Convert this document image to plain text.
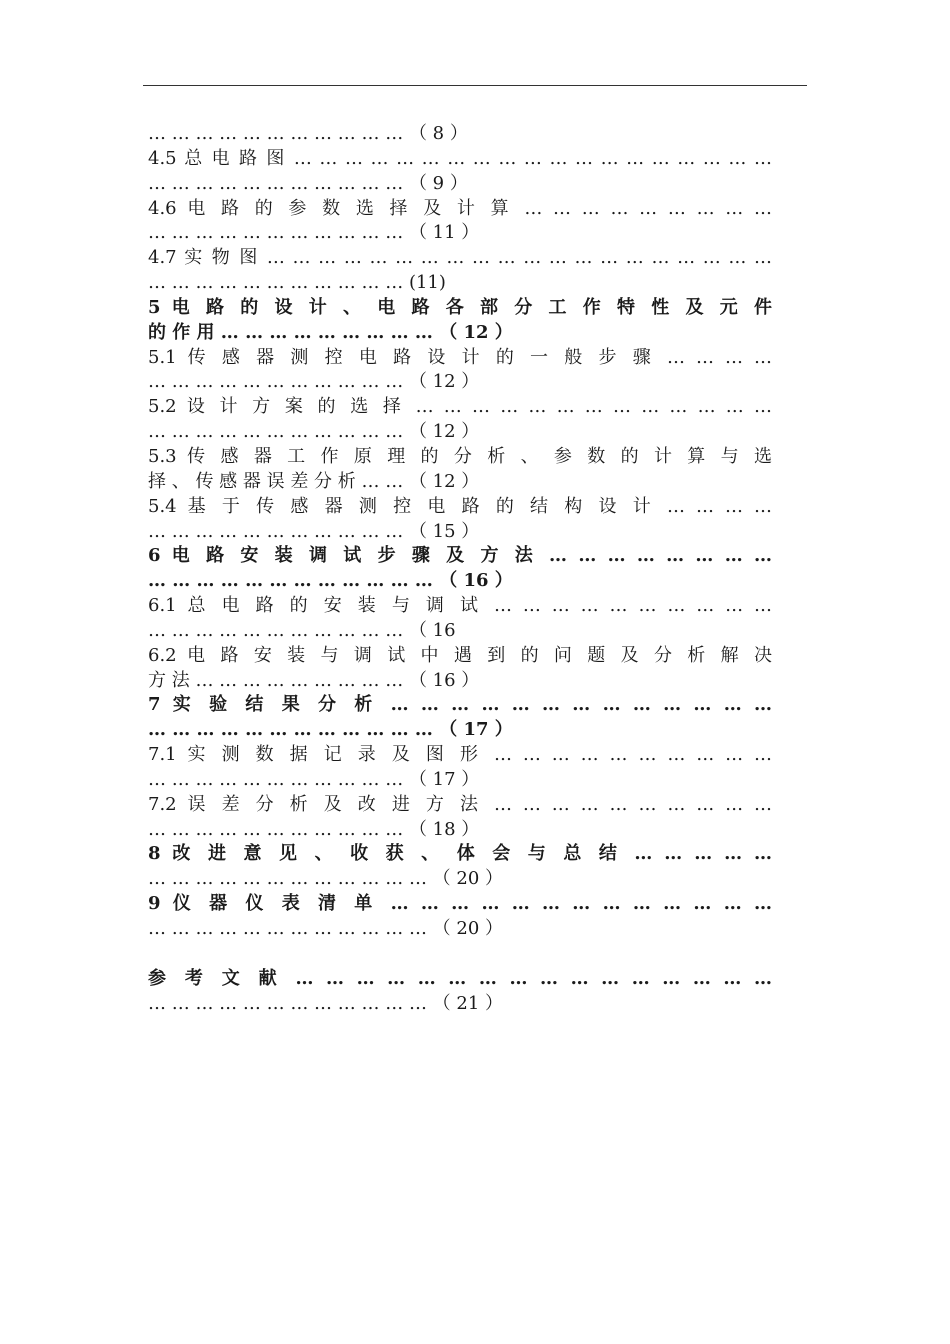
… … … … … … … … … … … （ 8 ）
4.5 总 电 路 图 … … … … … … … … … … … … … … … … … … …
… … … … … … … … … … … （ 9 ）
4.6 电 路 的 参 数 选 择 及 计 算 … … … … … … … … …
… … … … … … … … … … … （ 11 ）
4.7 实 物 图 … … … … … … … … … … … … … … … … … … … …
… … … … … … … … … … … (11)
5 电 路 的 设 计 、 电 路 各 部 分 工 作 特 性 及 元 件
的 作 用 … … … … … … … … … （ 12 ）
5.1 传 感 器 测 控 电 路 设 计 的 一 般 步 骤 … … … …
… … … … … … … … … … … （ 12 ）
5.2 设 计 方 案 的 选 择 … … … … … … … … … … … … …
… … … … … … … … … … … （ 12 ）
5.3 传 感 器 工 作 原 理 的 分 析 、 参 数 的 计 算 与 选
择 、 传 感 器 误 差 分 析 … … （ 12 ）
5.4 基 于 传 感 器 测 控 电 路 的 结 构 设 计 … … … …
… … … … … … … … … … … （ 15 ）
6 电 路 安 装 调 试 步 骤 及 方 法 … … … … … … … …
… … … … … … … … … … … … （ 16 ）
6.1 总 电 路 的 安 装 与 调 试 … … … … … … … … … …
… … … … … … … … … … … （ 16
6.2 电 路 安 装 与 调 试 中 遇 到 的 问 题 及 分 析 解 决
方 法 … … … … … … … … … （ 16 ）
7 实 验 结 果 分 析 … … … … … … … … … … … … …
… … … … … … … … … … … … （ 17 ）
7.1 实 测 数 据 记 录 及 图 形 … … … … … … … … … …
… … … … … … … … … … … （ 17 ）
7.2 误 差 分 析 及 改 进 方 法 … … … … … … … … … …
… … … … … … … … … … … （ 18 ）
8 改 进 意 见 、 收 获 、 体 会 与 总 结 … … … … …
… … … … … … … … … … … … （ 20 ）
9 仪 器 仪 表 清 单 … … … … … … … … … … … … …
… … … … … … … … … … … … （ 20 ）
参 考 文 献 … … … … … … … … … … … … … … … …
… … … … … … … … … … … … （ 21 ）
